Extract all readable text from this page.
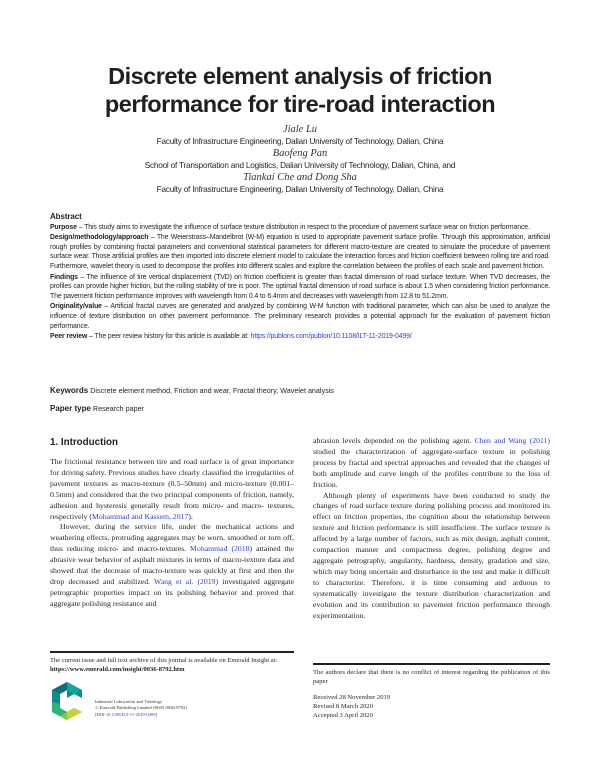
Discrete element analysis of friction
performance for tire-road interaction
Jiale Lu
Faculty of Infrastructure Engineering, Dalian University of Technology, Dalian, China
Baofeng Pan
School of Transportation and Logistics, Dalian University of Technology, Dalian, China, and
Tiankai Che and Dong Sha
Faculty of Infrastructure Engineering, Dalian University of Technology, Dalian, China
Abstract

Purpose – This study aims to investigate the influence of surface texture distribution in respect to the procedure of pavement surface wear on friction performance.

Design/methodology/approach – The Weierstrass–Mandelbrot (W-M) equation is used to appropriate pavement surface profile. Through this approximation, artificial rough profiles by combining fractal parameters and conventional statistical parameters for different macro-texture are created to simulate the procedure of pavement surface wear. Those artificial profiles are then imported into discrete element model to calculate the interaction forces and friction coefficient between rolling tire and road. Furthermore, wavelet theory is used to decompose the profiles into different scales and explore the correlation between the profiles of each scale and pavement friction.

Findings – The influence of tire vertical displacement (TVD) on friction coefficient is greater than fractal dimension of road surface texture. When TVD decreases, the profiles can provide higher friction, but the rolling stability of tire is poor. The optimal fractal dimension of road surface is about 1.5 when considering friction performance. The pavement friction performance improves with wavelength from 0.4 to 6.4mm and decreases with wavelength from 12.8 to 51.2mm.

Originality/value – Artificial fractal curves are generated and analyzed by combining W-M function with traditional parameter, which can also be used to analyze the influence of texture distribution on other pavement performance. The preliminary research provides a potential approach for the evaluation of pavement friction performance.

Peer review – The peer review history for this article is available at: https://publons.com/publon/10.1108/ILT-11-2019-0499/

Keywords Discrete element method, Friction and wear, Fractal theory, Wavelet analysis
Paper type Research paper
1. Introduction

The frictional resistance between tire and road surface is of great importance for driving safety. Previous studies have clearly classified the irregularities of pavement textures as macro-texture (0.5–50mm) and micro-texture (0.001–0.5mm) and considered that the two principal components of friction, namely, adhesion and hysteresis generally result from micro- and macro- textures, respectively (Mohammad and Kassem, 2017).

However, during the service life, under the mechanical actions and weathering effects, protruding aggregates may be worn, smoothed or torn off, thus reducing micro- and macro-textures. Mohammad (2018) attained the abrasive wear behavior of asphalt mixtures in terms of macro-texture data and showed that the decrease of macro-texture was quickly at first and then the drop decreased and stabilized. Wang et al. (2019) investigated aggregate petrographic properties impact on its polishing behavior and proved that aggregate polishing resistance and

abrasion levels depended on the polishing agent. Chen and Wang (2011) studied the characterization of aggregate-surface texture in polishing process by fractal and spectral approaches and revealed that the changes of both amplitude and curve length of the profiles contribute to the loss of friction.

Although plenty of experiments have been conducted to study the changes of road surface texture during polishing process and monitored its effect on friction properties, the cognition about the relationship between texture and friction performance is still insufficient. The surface texture is affected by a large number of factors, such as mix design, asphalt content, compaction manner and compactness degree, polishing degree and aggregate petrography, angularity, hardness, density, gradation and size, which may bring uncertain and disturbance in the test and make it difficult to characterize. Therefore, it is time consuming and arduous to systematically investigate the texture distribution characterization and evolution and its contribution to pavement friction performance through experimentation.

The current issue and full text archive of this journal is available on Emerald Insight at: https://www.emerald.com/insight/0036-8792.htm
Industrial Lubrication and Tribology
© Emerald Publishing Limited [ISSN 0036-8792]
[DOI 10.1108/ILT-11-2019-0499]
The authors declare that there is no conflict of interest regarding the publication of this paper
Received 28 November 2019
Revised 8 March 2020
Accepted 3 April 2020
